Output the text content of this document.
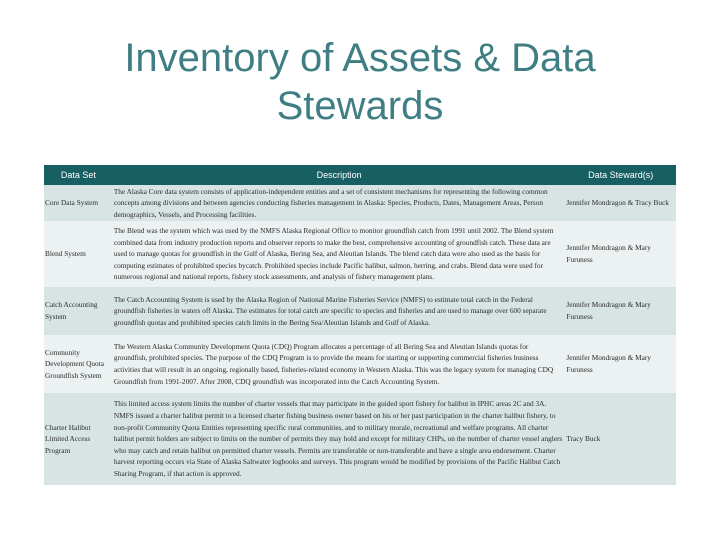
Inventory of Assets & Data Stewards
Data Set	Description	Data Steward(s)
Core Data System	The Alaska Core data system consists of application-independent entities and a set of consistent mechanisms for representing the following common concepts among divisions and between agencies conducting fisheries management in Alaska: Species, Products, Dates, Management Areas, Person demographics, Vessels, and Processing facilities.	Jennifer Mondragon & Tracy Buck
Blend System	The Blend was the system which was used by the NMFS Alaska Regional Office to monitor groundfish catch from 1991 until 2002. The Blend system combined data from industry production reports and observer reports to make the best, comprehensive accounting of groundfish catch. These data are used to manage quotas for groundfish in the Gulf of Alaska, Bering Sea, and Aleutian Islands. The blend catch data were also used as the basis for computing estimates of prohibited species bycatch. Prohibited species include Pacific halibut, salmon, herring, and crabs. Blend data were used for numerous regional and national reports, fishery stock assessments, and analysis of fishery management plans.	Jennifer Mondragon & Mary Furuness
Catch Accounting System	The Catch Accounting System is used by the Alaska Region of National Marine Fisheries Service (NMFS) to estimate total catch in the Federal groundfish fisheries in waters off Alaska. The estimates for total catch are specific to species and fisheries and are used to manage over 600 separate groundfish quotas and prohibited species catch limits in the Bering Sea/Aleutian Islands and Gulf of Alaska.	Jennifer Mondragon & Mary Furuness
Community Development Quota Groundfish System	The Western Alaska Community Development Quota (CDQ) Program allocates a percentage of all Bering Sea and Aleutian Islands quotas for groundfish, prohibited species. The purpose of the CDQ Program is to provide the means for starting or supporting commercial fisheries business activities that will result in an ongoing, regionally based, fisheries-related economy in Western Alaska. This was the legacy system for managing CDQ Groundfish from 1991-2007. After 2008, CDQ groundfish was incorporated into the Catch Accounting System.	Jennifer Mondragon & Mary Furuness
Charter Halibut Limited Access Program	This limited access system limits the number of charter vessels that may participate in the guided sport fishery for halibut in IPHC areas 2C and 3A. NMFS issued a charter halibut permit to a licensed charter fishing business owner based on his or her past participation in the charter halibut fishery, to non-profit Community Quota Entities representing specific rural communities, and to military morale, recreational and welfare programs. All charter halibut permit holders are subject to limits on the number of permits they may hold and except for military CHPs, on the number of charter vessel anglers who may catch and retain halibut on permitted charter vessels. Permits are transferable or non-transferable and have a single area endorsement. Charter harvest reporting occurs via State of Alaska Saltwater logbooks and surveys. This program would be modified by provisions of the Pacific Halibut Catch Sharing Program, if that action is approved.	Tracy Buck
